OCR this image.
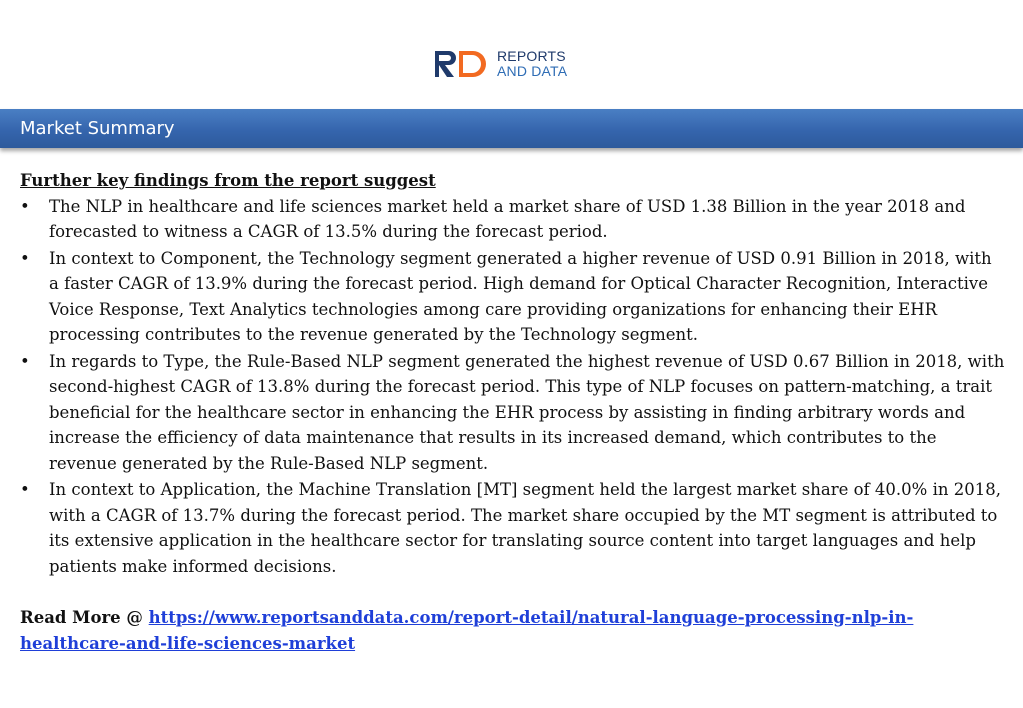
REPORTS
AND DATA
Market Summary

Further key findings from the report suggest

• The NLP in healthcare and life sciences market held a market share of USD 1.38 Billion in the year 2018 and forecasted to witness a CAGR of 13.5% during the forecast period.
• In context to Component, the Technology segment generated a higher revenue of USD 0.91 Billion in 2018, with a faster CAGR of 13.9% during the forecast period. High demand for Optical Character Recognition, Interactive Voice Response, Text Analytics technologies among care providing organizations for enhancing their EHR processing contributes to the revenue generated by the Technology segment.
• In regards to Type, the Rule-Based NLP segment generated the highest revenue of USD 0.67 Billion in 2018, with second-highest CAGR of 13.8% during the forecast period. This type of NLP focuses on pattern-matching, a trait beneficial for the healthcare sector in enhancing the EHR process by assisting in finding arbitrary words and increase the efficiency of data maintenance that results in its increased demand, which contributes to the revenue generated by the Rule-Based NLP segment.
• In context to Application, the Machine Translation [MT] segment held the largest market share of 40.0% in 2018, with a CAGR of 13.7% during the forecast period. The market share occupied by the MT segment is attributed to its extensive application in the healthcare sector for translating source content into target languages and help patients make informed decisions.
Read More @ https://www.reportsanddata.com/report-detail/natural-language-processing-nlp-in-healthcare-and-life-sciences-market
